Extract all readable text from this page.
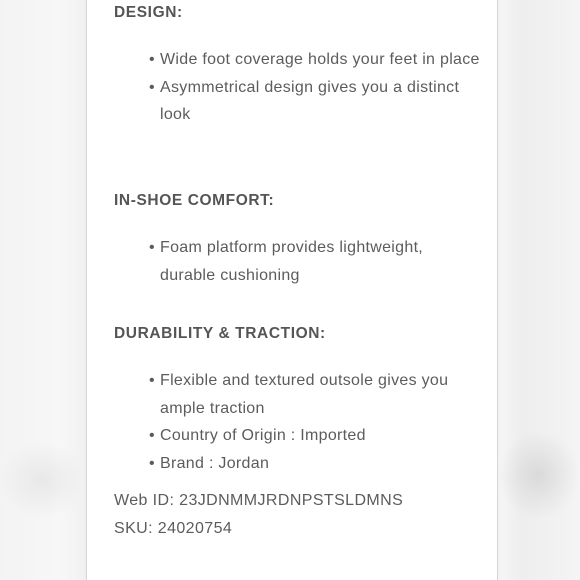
DESIGN:
• Wide foot coverage holds your feet in place
• Asymmetrical design gives you a distinct look
IN-SHOE COMFORT:
• Foam platform provides lightweight, durable cushioning
DURABILITY & TRACTION:
• Flexible and textured outsole gives you ample traction
• Country of Origin : Imported
• Brand : Jordan
Web ID: 23JDNMMJRDNPSTSLDMNS
SKU: 24020754
